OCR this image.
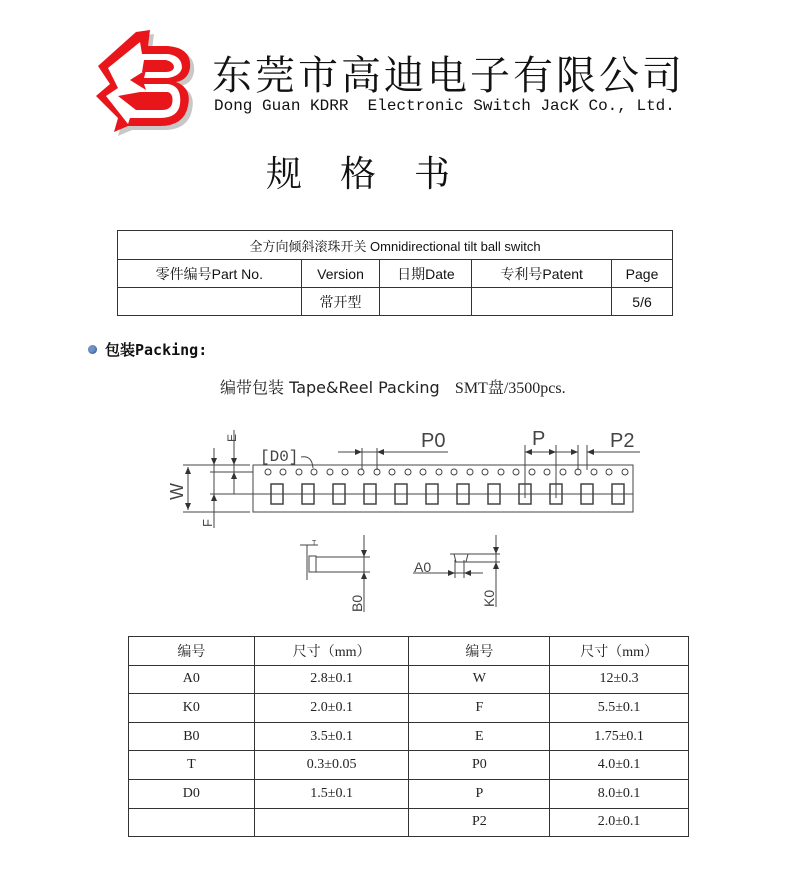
东莞市高迪电子有限公司
Dong Guan KDRR  Electronic Switch JacK Co., Ltd.
规 格 书
全方向倾斜滚珠开关 Omnidirectional tilt ball switch				
零件编号Part No.	Version	日期Date	专利号Patent	Page
	常开型			5/6
包装Packing:
编带包装 Tape&Reel Packing SMT盘/3500pcs.
[D0]
P0	P	P2
E
W
F
T
B0
A0
K0
编号	尺寸（mm）	编号	尺寸（mm）
A0	2.8±0.1	W	12±0.3
K0	2.0±0.1	F	5.5±0.1
B0	3.5±0.1	E	1.75±0.1
T	0.3±0.05	P0	4.0±0.1
D0	1.5±0.1	P	8.0±0.1
		P2	2.0±0.1
